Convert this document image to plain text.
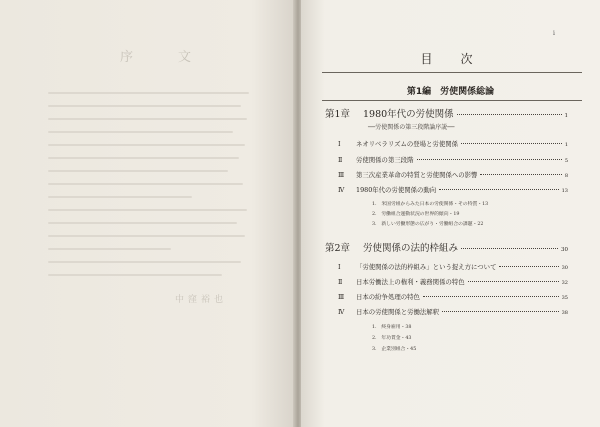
序　文
中窪裕也
i
目　次
第1編　労使関係総論
第1章	1980年代の労使関係	1
──労使関係の第三段階論序説──
Ⅰ	ネオリベラリズムの登場と労使関係	1
Ⅱ	労使関係の第三段階	5
Ⅲ	第三次産業革命の特質と労使関係への影響	8
Ⅳ	1980年代の労使関係の動向	13
1.　米国労組からみた日本の労使関係・その特質・13
2.　労働組合運動状況の世界的傾向・19
3.　新しい労働形態の広がり・労働組合の課題・22
第2章	労使関係の法的枠組み	30
Ⅰ	「労使関係の法的枠組み」という捉え方について	30
Ⅱ	日本労働法上の権利・義務関係の特色	32
Ⅲ	日本の紛争処理の特色	35
Ⅳ	日本の労使関係と労働法解釈	38
1.　終身雇用・38
2.　年功賃金・43
3.　企業別組合・45
